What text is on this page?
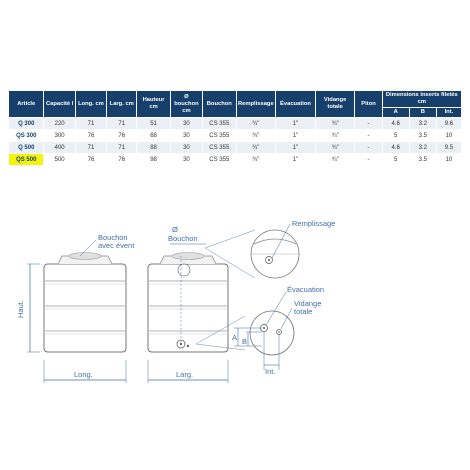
Article	Capacité l	Long. cm	Larg. cm	Hauteur cm	Ø bouchon cm	Bouchon	Remplissage	Évacuation	Vidange totale	Piton	Dimensions inserts filetés cm		
											A	B	Int.
Q 300	220	71	71	51	30	CS 355	¾"	1"	¾"	-	4.6	3.2	9.6
QS 300	300	76	76	68	30	CS 355	¾"	1"	¾"	-	5	3.5	10
Q 500	400	71	71	88	30	CS 355	¾"	1"	¾"	-	4.6	3.2	9.5
QS 500	500	76	76	98	30	CS 355	¾"	1"	¾"	-	5	3.5	10
Haut.
Long.
Bouchon
avec évent
Larg.
Ø
Bouchon
Remplissage
Évacuation
Vidange
totale
A B
Int.
